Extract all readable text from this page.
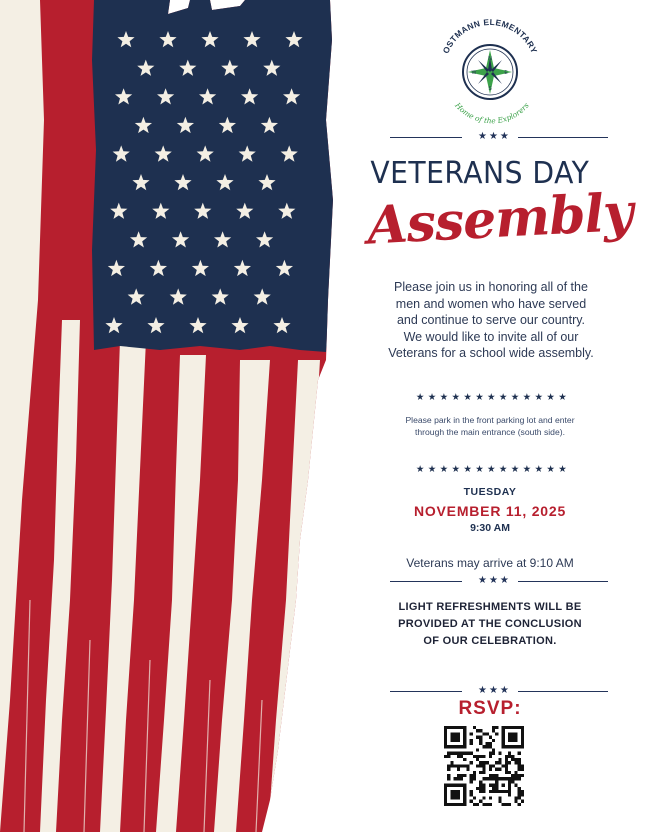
OSTMANN ELEMENTARY
N
S
E
W
Home of the Explorers
★★★
VETERANS DAY
Assembly
Please join us in honoring all of the men and women who have served and continue to serve our country. We would like to invite all of our Veterans for a school wide assembly.
★★★★★★★★★★★★★
Please park in the front parking lot and enter through the main entrance (south side).
★★★★★★★★★★★★★
TUESDAY
NOVEMBER 11, 2025
9:30 AM
Veterans may arrive at 9:10 AM
★★★
LIGHT REFRESHMENTS WILL BE PROVIDED AT THE CONCLUSION OF OUR CELEBRATION.
★★★
RSVP:
